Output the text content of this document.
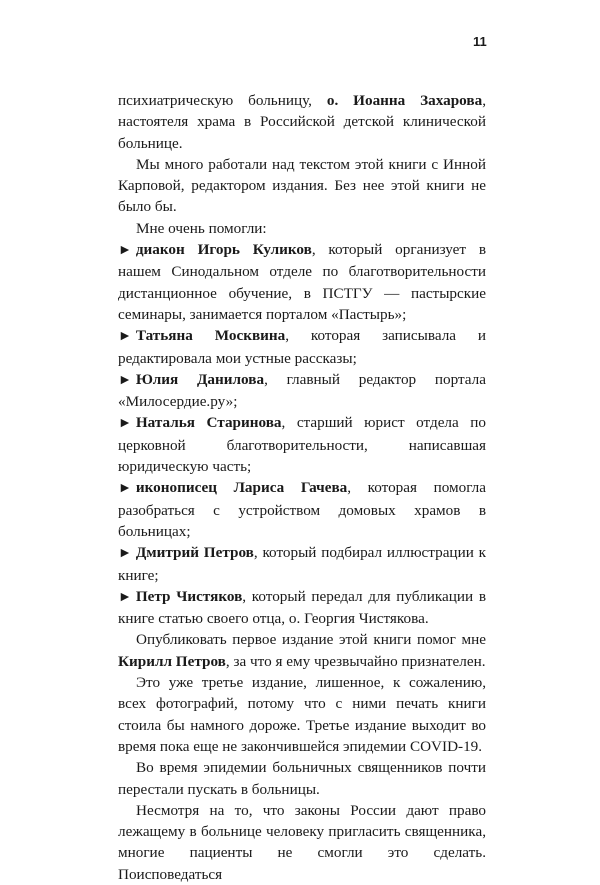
11

психиатрическую больницу, о. Иоанна Захарова, настоятеля храма в Российской детской клинической больнице.

Мы много работали над текстом этой книги с Инной Карповой, редактором издания. Без нее этой книги не было бы.

Мне очень помогли:

► диакон Игорь Куликов, который организует в нашем Синодальном отделе по благотворительности дистанционное обучение, в ПСТГУ — пастырские семинары, занимается порталом «Пастырь»;

► Татьяна Москвина, которая записывала и редактировала мои устные рассказы;

► Юлия Данилова, главный редактор портала «Милосердие.ру»;

► Наталья Старинова, старший юрист отдела по церковной благотворительности, написавшая юридическую часть;

► иконописец Лариса Гачева, которая помогла разобраться с устройством домовых храмов в больницах;

► Дмитрий Петров, который подбирал иллюстрации к книге;

► Петр Чистяков, который передал для публикации в книге статью своего отца, о. Георгия Чистякова.

Опубликовать первое издание этой книги помог мне Кирилл Петров, за что я ему чрезвычайно признателен.

Это уже третье издание, лишенное, к сожалению, всех фотографий, потому что с ними печать книги стоила бы намного дороже. Третье издание выходит во время пока еще не закончившейся эпидемии COVID-19.

Во время эпидемии больничных священников почти перестали пускать в больницы.

Несмотря на то, что законы России дают право лежащему в больнице человеку пригласить священника, многие пациенты не смогли это сделать. Поисповедаться
